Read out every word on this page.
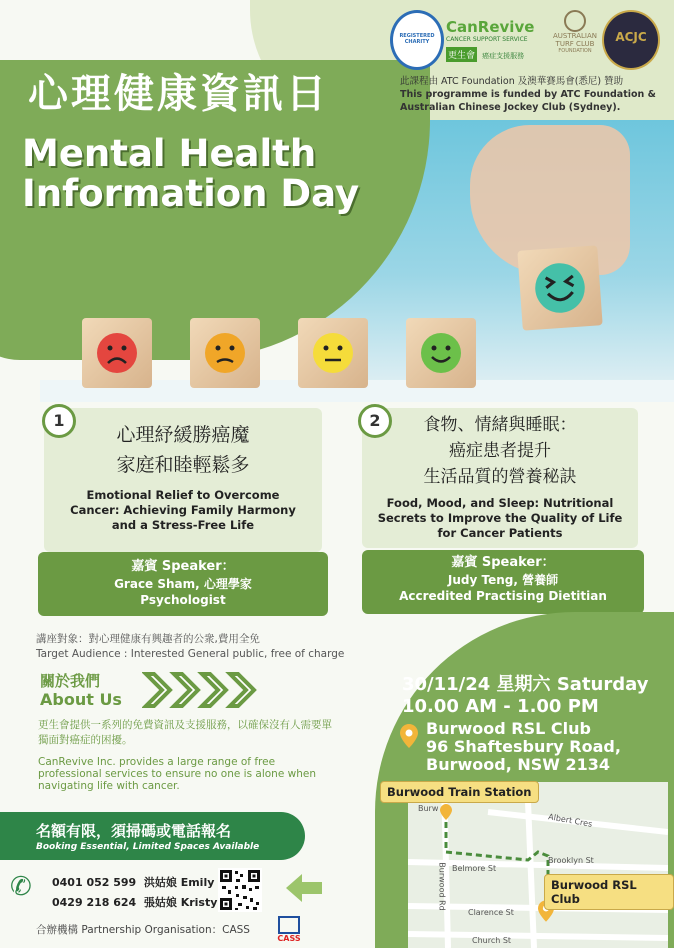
心理健康資訊日
Mental Health Information Day
REGISTERED CHARITY
CanRevive
CANCER SUPPORT SERVICE
更生會 癌症支援服務
AUSTRALIAN TURF CLUB
FOUNDATION
ACJC
此課程由 ATC Foundation 及澳華賽馬會(悉尼) 贊助
This programme is funded by ATC Foundation & Australian Chinese Jockey Club (Sydney).
心理紓緩勝癌魔
家庭和睦輕鬆多
Emotional Relief to Overcome Cancer: Achieving Family Harmony and a Stress-Free Life
1
嘉賓 Speaker：
Grace Sham, 心理學家
Psychologist
食物、情緒與睡眠：
癌症患者提升
生活品質的營養秘訣
Food, Mood, and Sleep: Nutritional Secrets to Improve the Quality of Life for Cancer Patients
2
嘉賓 Speaker：
Judy Teng, 營養師
Accredited Practising Dietitian
講座對象：對心理健康有興趣者的公衆,費用全免
Target Audience : Interested General public, free of charge
關於我們
About Us
更生會提供一系列的免費資訊及支援服務，以確保沒有人需要單獨面對癌症的困擾。
CanRevive Inc. provides a large range of free professional services to ensure no one is alone when navigating life with cancer.
名額有限，須掃碼或電話報名
Booking Essential, Limited Spaces Available
✆ 0401 052 599 洪姑娘 Emily
0429 218 624 張姑娘 Kristy
合辦機構 Partnership Organisation：CASS
CASS
30/11/24 星期六 Saturday
10.00 AM - 1.00 PM
Burwood RSL Club
96 Shaftesbury Road,
Burwood, NSW 2134
Burw
Albert Cres
Belmore St
Brooklyn St
Clarence St
Church St
Burwood Rd
Burwood Train Station
Burwood RSL Club
